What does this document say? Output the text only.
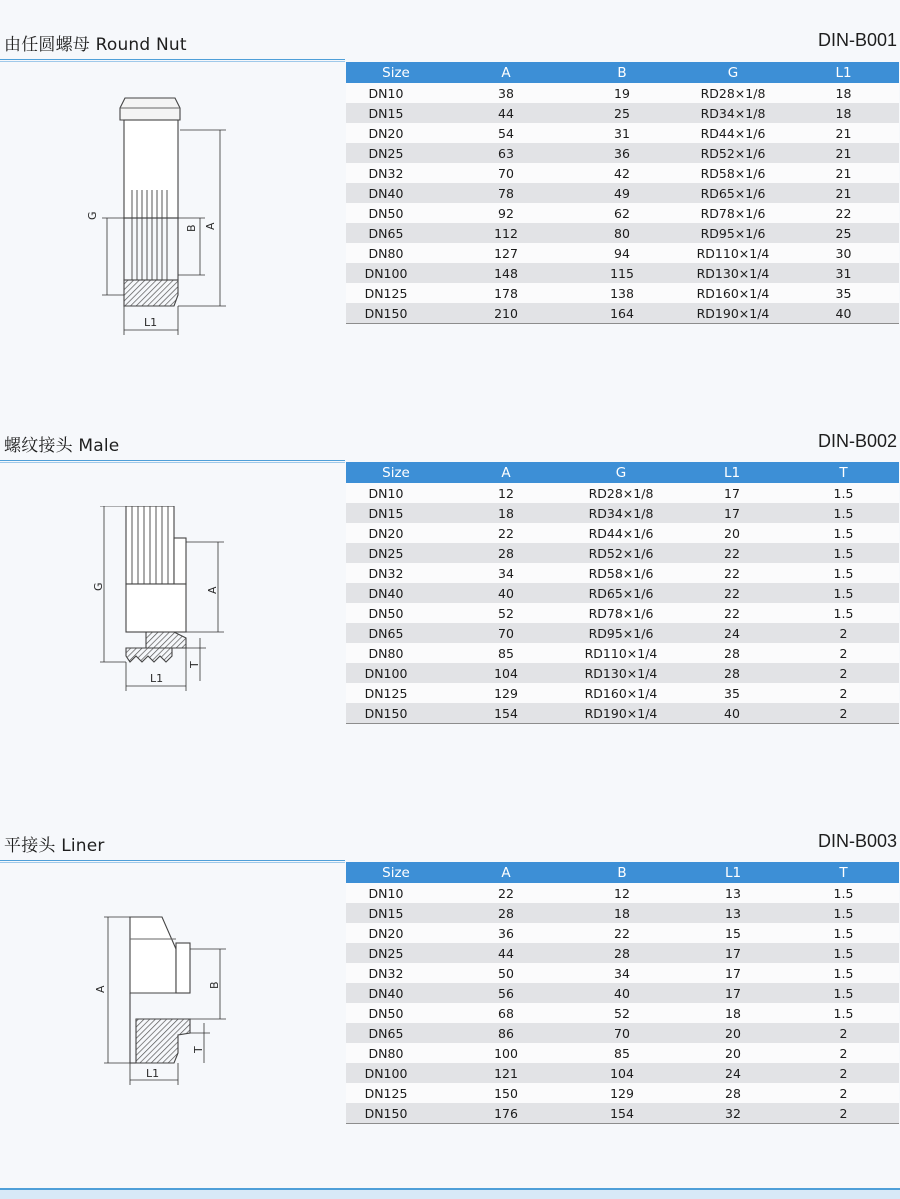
由任圆螺母 Round Nut	DIN-B001
G
B A
L1
Size	A	B	G	L1
DN10	38	19	RD28×1/8	18
DN15	44	25	RD34×1/8	18
DN20	54	31	RD44×1/6	21
DN25	63	36	RD52×1/6	21
DN32	70	42	RD58×1/6	21
DN40	78	49	RD65×1/6	21
DN50	92	62	RD78×1/6	22
DN65	112	80	RD95×1/6	25
DN80	127	94	RD110×1/4	30
DN100	148	115	RD130×1/4	31
DN125	178	138	RD160×1/4	35
DN150	210	164	RD190×1/4	40
螺纹接头 Male	DIN-B002
G	A
T
L1
Size	A	G	L1	T
DN10	12	RD28×1/8	17	1.5
DN15	18	RD34×1/8	17	1.5
DN20	22	RD44×1/6	20	1.5
DN25	28	RD52×1/6	22	1.5
DN32	34	RD58×1/6	22	1.5
DN40	40	RD65×1/6	22	1.5
DN50	52	RD78×1/6	22	1.5
DN65	70	RD95×1/6	24	2
DN80	85	RD110×1/4	28	2
DN100	104	RD130×1/4	28	2
DN125	129	RD160×1/4	35	2
DN150	154	RD190×1/4	40	2
平接头 Liner	DIN-B003
A
B
T
L1
Size	A	B	L1	T
DN10	22	12	13	1.5
DN15	28	18	13	1.5
DN20	36	22	15	1.5
DN25	44	28	17	1.5
DN32	50	34	17	1.5
DN40	56	40	17	1.5
DN50	68	52	18	1.5
DN65	86	70	20	2
DN80	100	85	20	2
DN100	121	104	24	2
DN125	150	129	28	2
DN150	176	154	32	2
